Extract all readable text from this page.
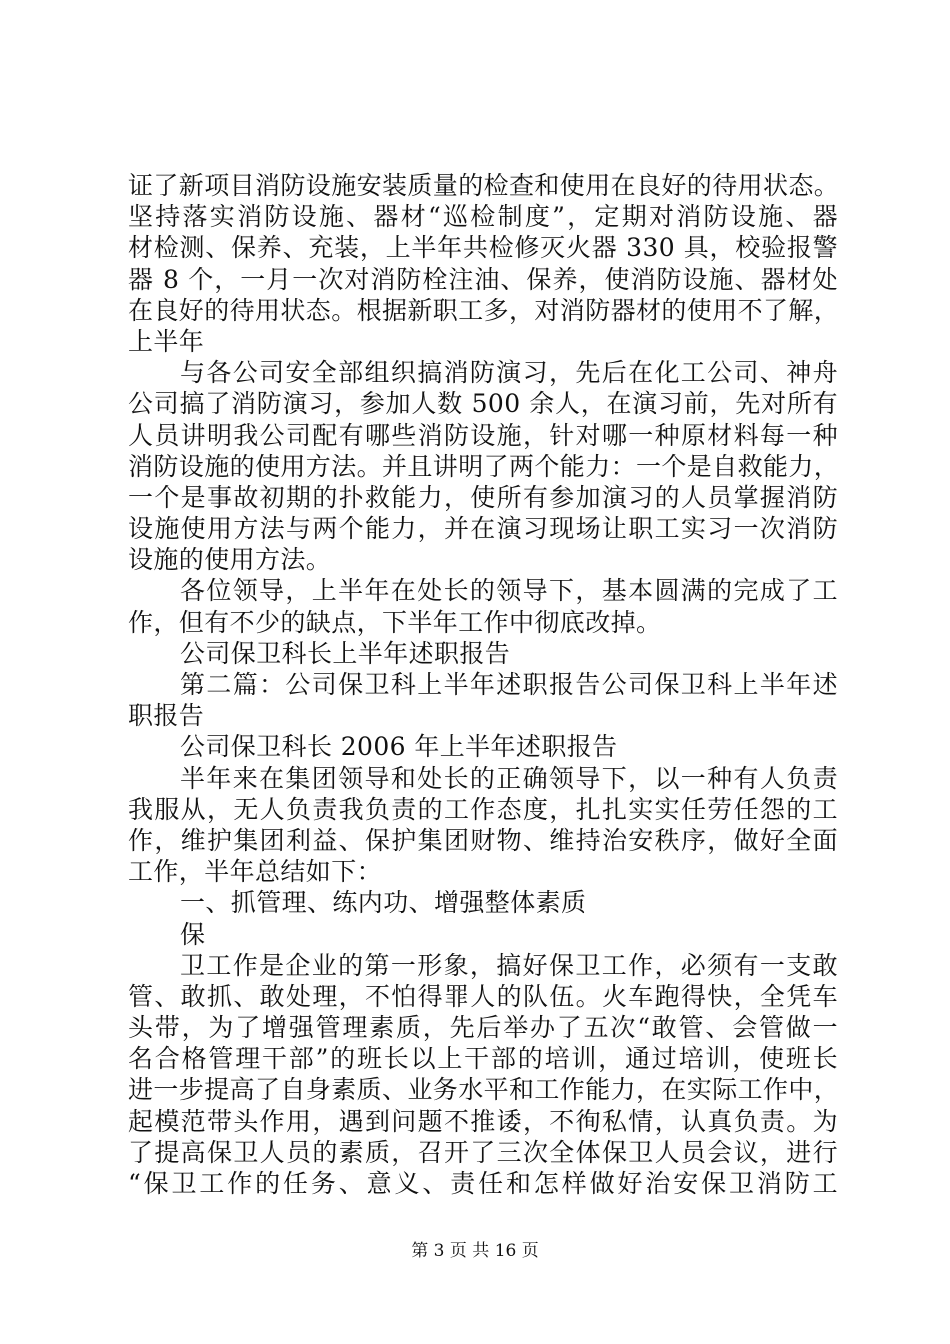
证了新项目消防设施安装质量的检查和使用在良好的待用状态。
坚持落实消防设施、器材“巡检制度”，定期对消防设施、器
材检测、保养、充装，上半年共检修灭火器 330 具，校验报警
器 8 个，一月一次对消防栓注油、保养，使消防设施、器材处
在良好的待用状态。根据新职工多，对消防器材的使用不了解，
上半年
与各公司安全部组织搞消防演习，先后在化工公司、神舟
公司搞了消防演习，参加人数 500 余人，在演习前，先对所有
人员讲明我公司配有哪些消防设施，针对哪一种原材料每一种
消防设施的使用方法。并且讲明了两个能力：一个是自救能力，
一个是事故初期的扑救能力，使所有参加演习的人员掌握消防
设施使用方法与两个能力，并在演习现场让职工实习一次消防
设施的使用方法。
各位领导，上半年在处长的领导下，基本圆满的完成了工
作，但有不少的缺点，下半年工作中彻底改掉。
公司保卫科长上半年述职报告
第二篇：公司保卫科上半年述职报告公司保卫科上半年述
职报告
公司保卫科长 2006 年上半年述职报告
半年来在集团领导和处长的正确领导下，以一种有人负责
我服从，无人负责我负责的工作态度，扎扎实实任劳任怨的工
作，维护集团利益、保护集团财物、维持治安秩序，做好全面
工作，半年总结如下：
一、抓管理、练内功、增强整体素质
保
卫工作是企业的第一形象，搞好保卫工作，必须有一支敢
管、敢抓、敢处理，不怕得罪人的队伍。火车跑得快，全凭车
头带，为了增强管理素质，先后举办了五次“敢管、会管做一
名合格管理干部”的班长以上干部的培训，通过培训，使班长
进一步提高了自身素质、业务水平和工作能力，在实际工作中，
起模范带头作用，遇到问题不推诿，不徇私情，认真负责。为
了提高保卫人员的素质，召开了三次全体保卫人员会议，进行
“保卫工作的任务、意义、责任和怎样做好治安保卫消防工
第 3 页 共 16 页
